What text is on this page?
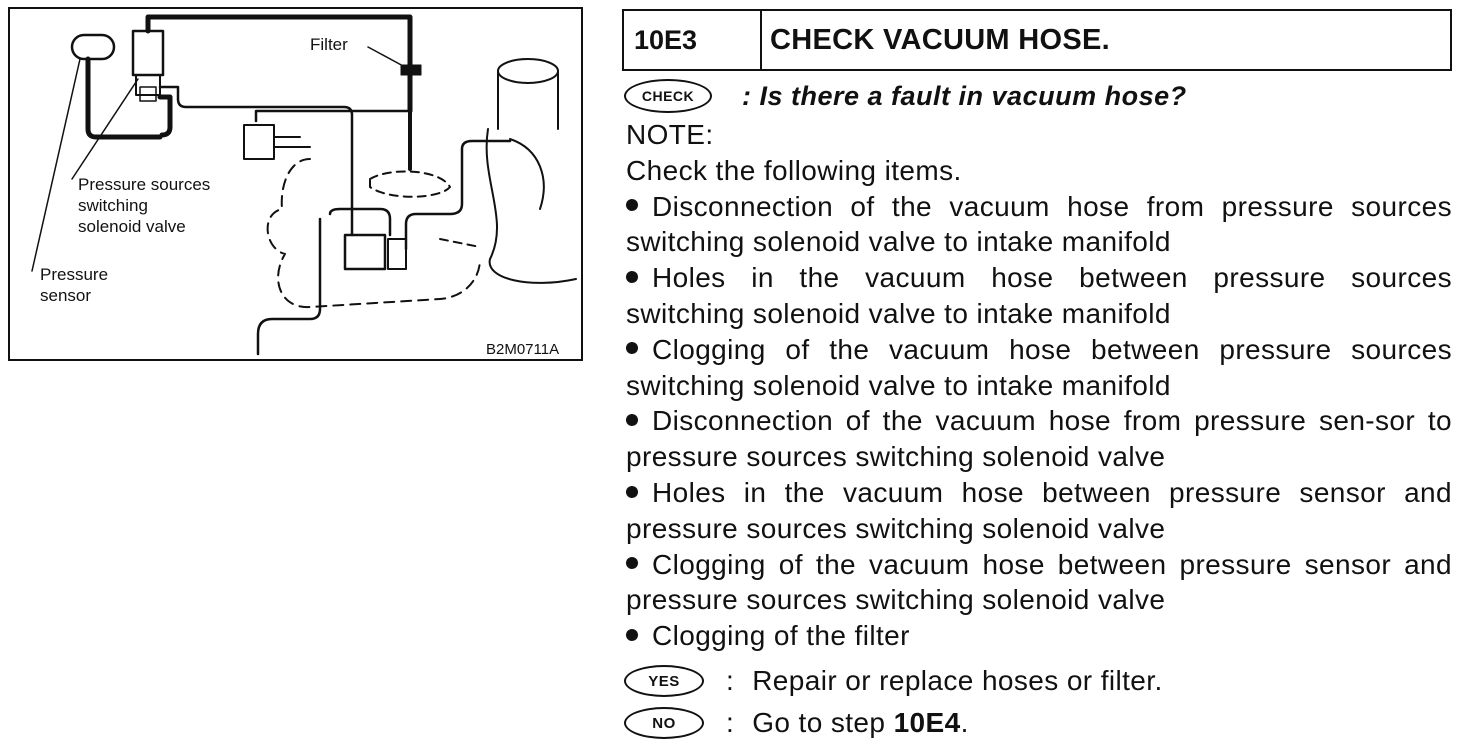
Filter
Pressure sources
switching
solenoid valve
Pressure
sensor
B2M0711A
10E3	CHECK VACUUM HOSE.
CHECK	: Is there a fault in vacuum hose?

NOTE:

Check the following items.

Disconnection of the vacuum hose from pressure sources switching solenoid valve to intake manifold

Holes in the vacuum hose between pressure sources switching solenoid valve to intake manifold

Clogging of the vacuum hose between pressure sources switching solenoid valve to intake manifold

Disconnection of the vacuum hose from pressure sen-sor to pressure sources switching solenoid valve

Holes in the vacuum hose between pressure sensor and pressure sources switching solenoid valve

Clogging of the vacuum hose between pressure sensor and pressure sources switching solenoid valve

Clogging of the filter

YES	: Repair or replace hoses or filter.
NO	: Go to step 10E4 .
